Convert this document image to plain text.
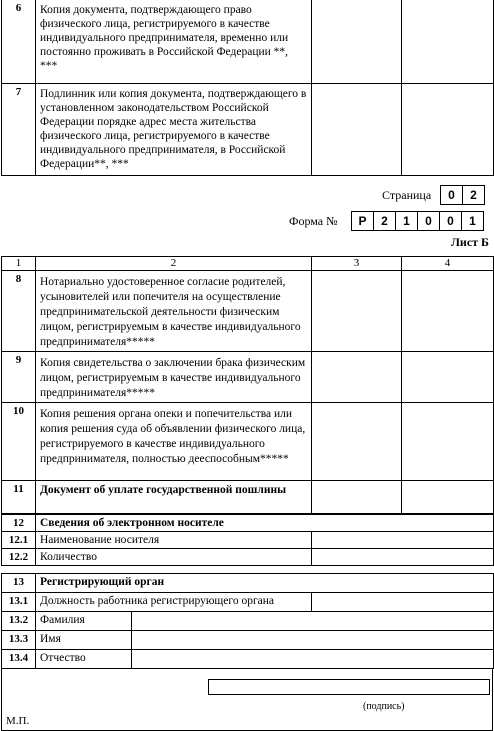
6	Копия документа, подтверждающего право физического лица, регистрируемого в качестве индивидуального предпринимателя, временно или постоянно проживать в Российской Федерации **, ***		
7	Подлинник или копия документа, подтверждающего в установленном законодательством Российской Федерации порядке адрес места жительства физического лица, регистрируемого в качестве индивидуального предпринимателя, в Российской Федерации**, ***		
Страница	0	2
Форма №	Р	2	1	0	0	1
Лист Б
1	2	3	4
8	Нотариально удостоверенное согласие родителей, усыновителей или попечителя на осуществление предпринимательской деятельности физическим лицом, регистрируемым в качестве индивидуального предпринимателя*****		
9	Копия свидетельства о заключении брака физическим лицом, регистрируемым в качестве индивидуального предпринимателя*****		
10	Копия решения органа опеки и попечительства или копия решения суда об объявлении физического лица, регистрируемого в качестве индивидуального предпринимателя, полностью дееспособным*****		
11	Документ об уплате государственной пошлины		
12	Сведения об электронном носителе	
12.1	Наименование носителя	
12.2	Количество	
13	Регистрирующий орган		
13.1	Должность работника регистрирующего органа		
13.2	Фамилия		
13.3	Имя		
13.4	Отчество		
(подпись)
М.П.
